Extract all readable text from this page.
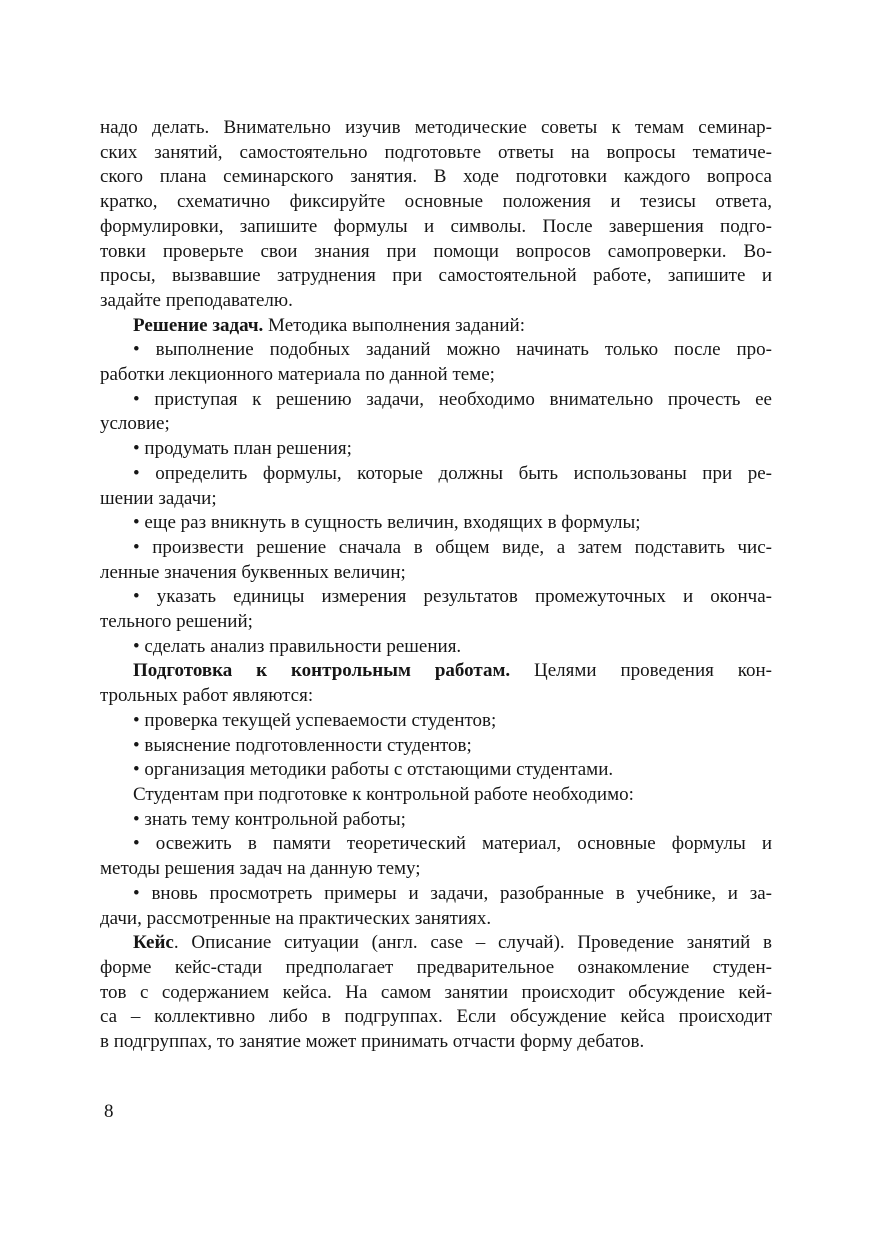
надо делать. Внимательно изучив методические советы к темам семинар-
ских занятий, самостоятельно подготовьте ответы на вопросы тематиче-
ского плана семинарского занятия. В ходе подготовки каждого вопроса
кратко, схематично фиксируйте основные положения и тезисы ответа,
формулировки, запишите формулы и символы. После завершения подго-
товки проверьте свои знания при помощи вопросов самопроверки. Во-
просы, вызвавшие затруднения при самостоятельной работе, запишите и
задайте преподавателю.
Решение задач. Методика выполнения заданий:
• выполнение подобных заданий можно начинать только после про-
работки лекционного материала по данной теме;
• приступая к решению задачи, необходимо внимательно прочесть ее
условие;
• продумать план решения;
• определить формулы, которые должны быть использованы при ре-
шении задачи;
• еще раз вникнуть в сущность величин, входящих в формулы;
• произвести решение сначала в общем виде, а затем подставить чис-
ленные значения буквенных величин;
• указать единицы измерения результатов промежуточных и оконча-
тельного решений;
• сделать анализ правильности решения.
Подготовка к контрольным работам. Целями проведения кон-
трольных работ являются:
• проверка текущей успеваемости студентов;
• выяснение подготовленности студентов;
• организация методики работы с отстающими студентами.
Студентам при подготовке к контрольной работе необходимо:
• знать тему контрольной работы;
• освежить в памяти теоретический материал, основные формулы и
методы решения задач на данную тему;
• вновь просмотреть примеры и задачи, разобранные в учебнике, и за-
дачи, рассмотренные на практических занятиях.
Кейс. Описание ситуации (англ. case – случай). Проведение занятий в
форме кейс-стади предполагает предварительное ознакомление студен-
тов с содержанием кейса. На самом занятии происходит обсуждение кей-
са – коллективно либо в подгруппах. Если обсуждение кейса происходит
в подгруппах, то занятие может принимать отчасти форму дебатов.
8
